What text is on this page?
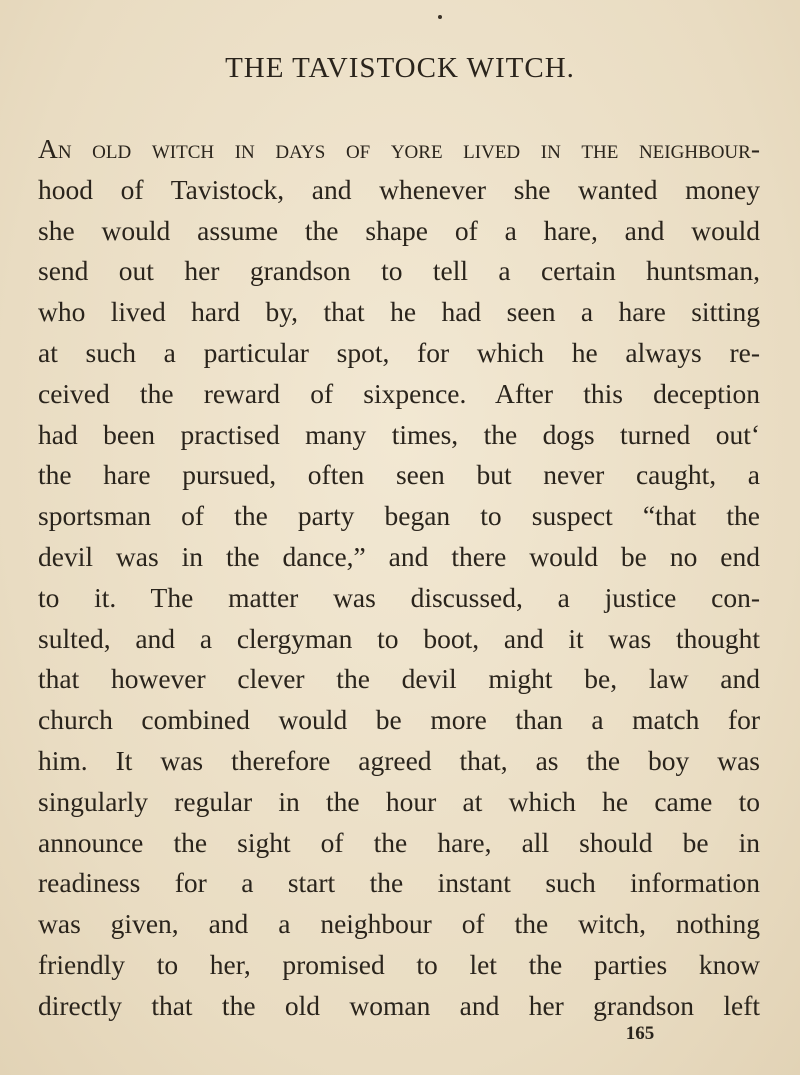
THE TAVISTOCK WITCH.
An old witch in days of yore lived in the neighbour-
hood of Tavistock, and whenever she wanted money
she would assume the shape of a hare, and would
send out her grandson to tell a certain huntsman,
who lived hard by, that he had seen a hare sitting
at such a particular spot, for which he always re-
ceived the reward of sixpence. After this deception
had been practised many times, the dogs turned out‘
the hare pursued, often seen but never caught, a
sportsman of the party began to suspect “that the
devil was in the dance,” and there would be no end
to it. The matter was discussed, a justice con-
sulted, and a clergyman to boot, and it was thought
that however clever the devil might be, law and
church combined would be more than a match for
him. It was therefore agreed that, as the boy was
singularly regular in the hour at which he came to
announce the sight of the hare, all should be in
readiness for a start the instant such information
was given, and a neighbour of the witch, nothing
friendly to her, promised to let the parties know
directly that the old woman and her grandson left
165
